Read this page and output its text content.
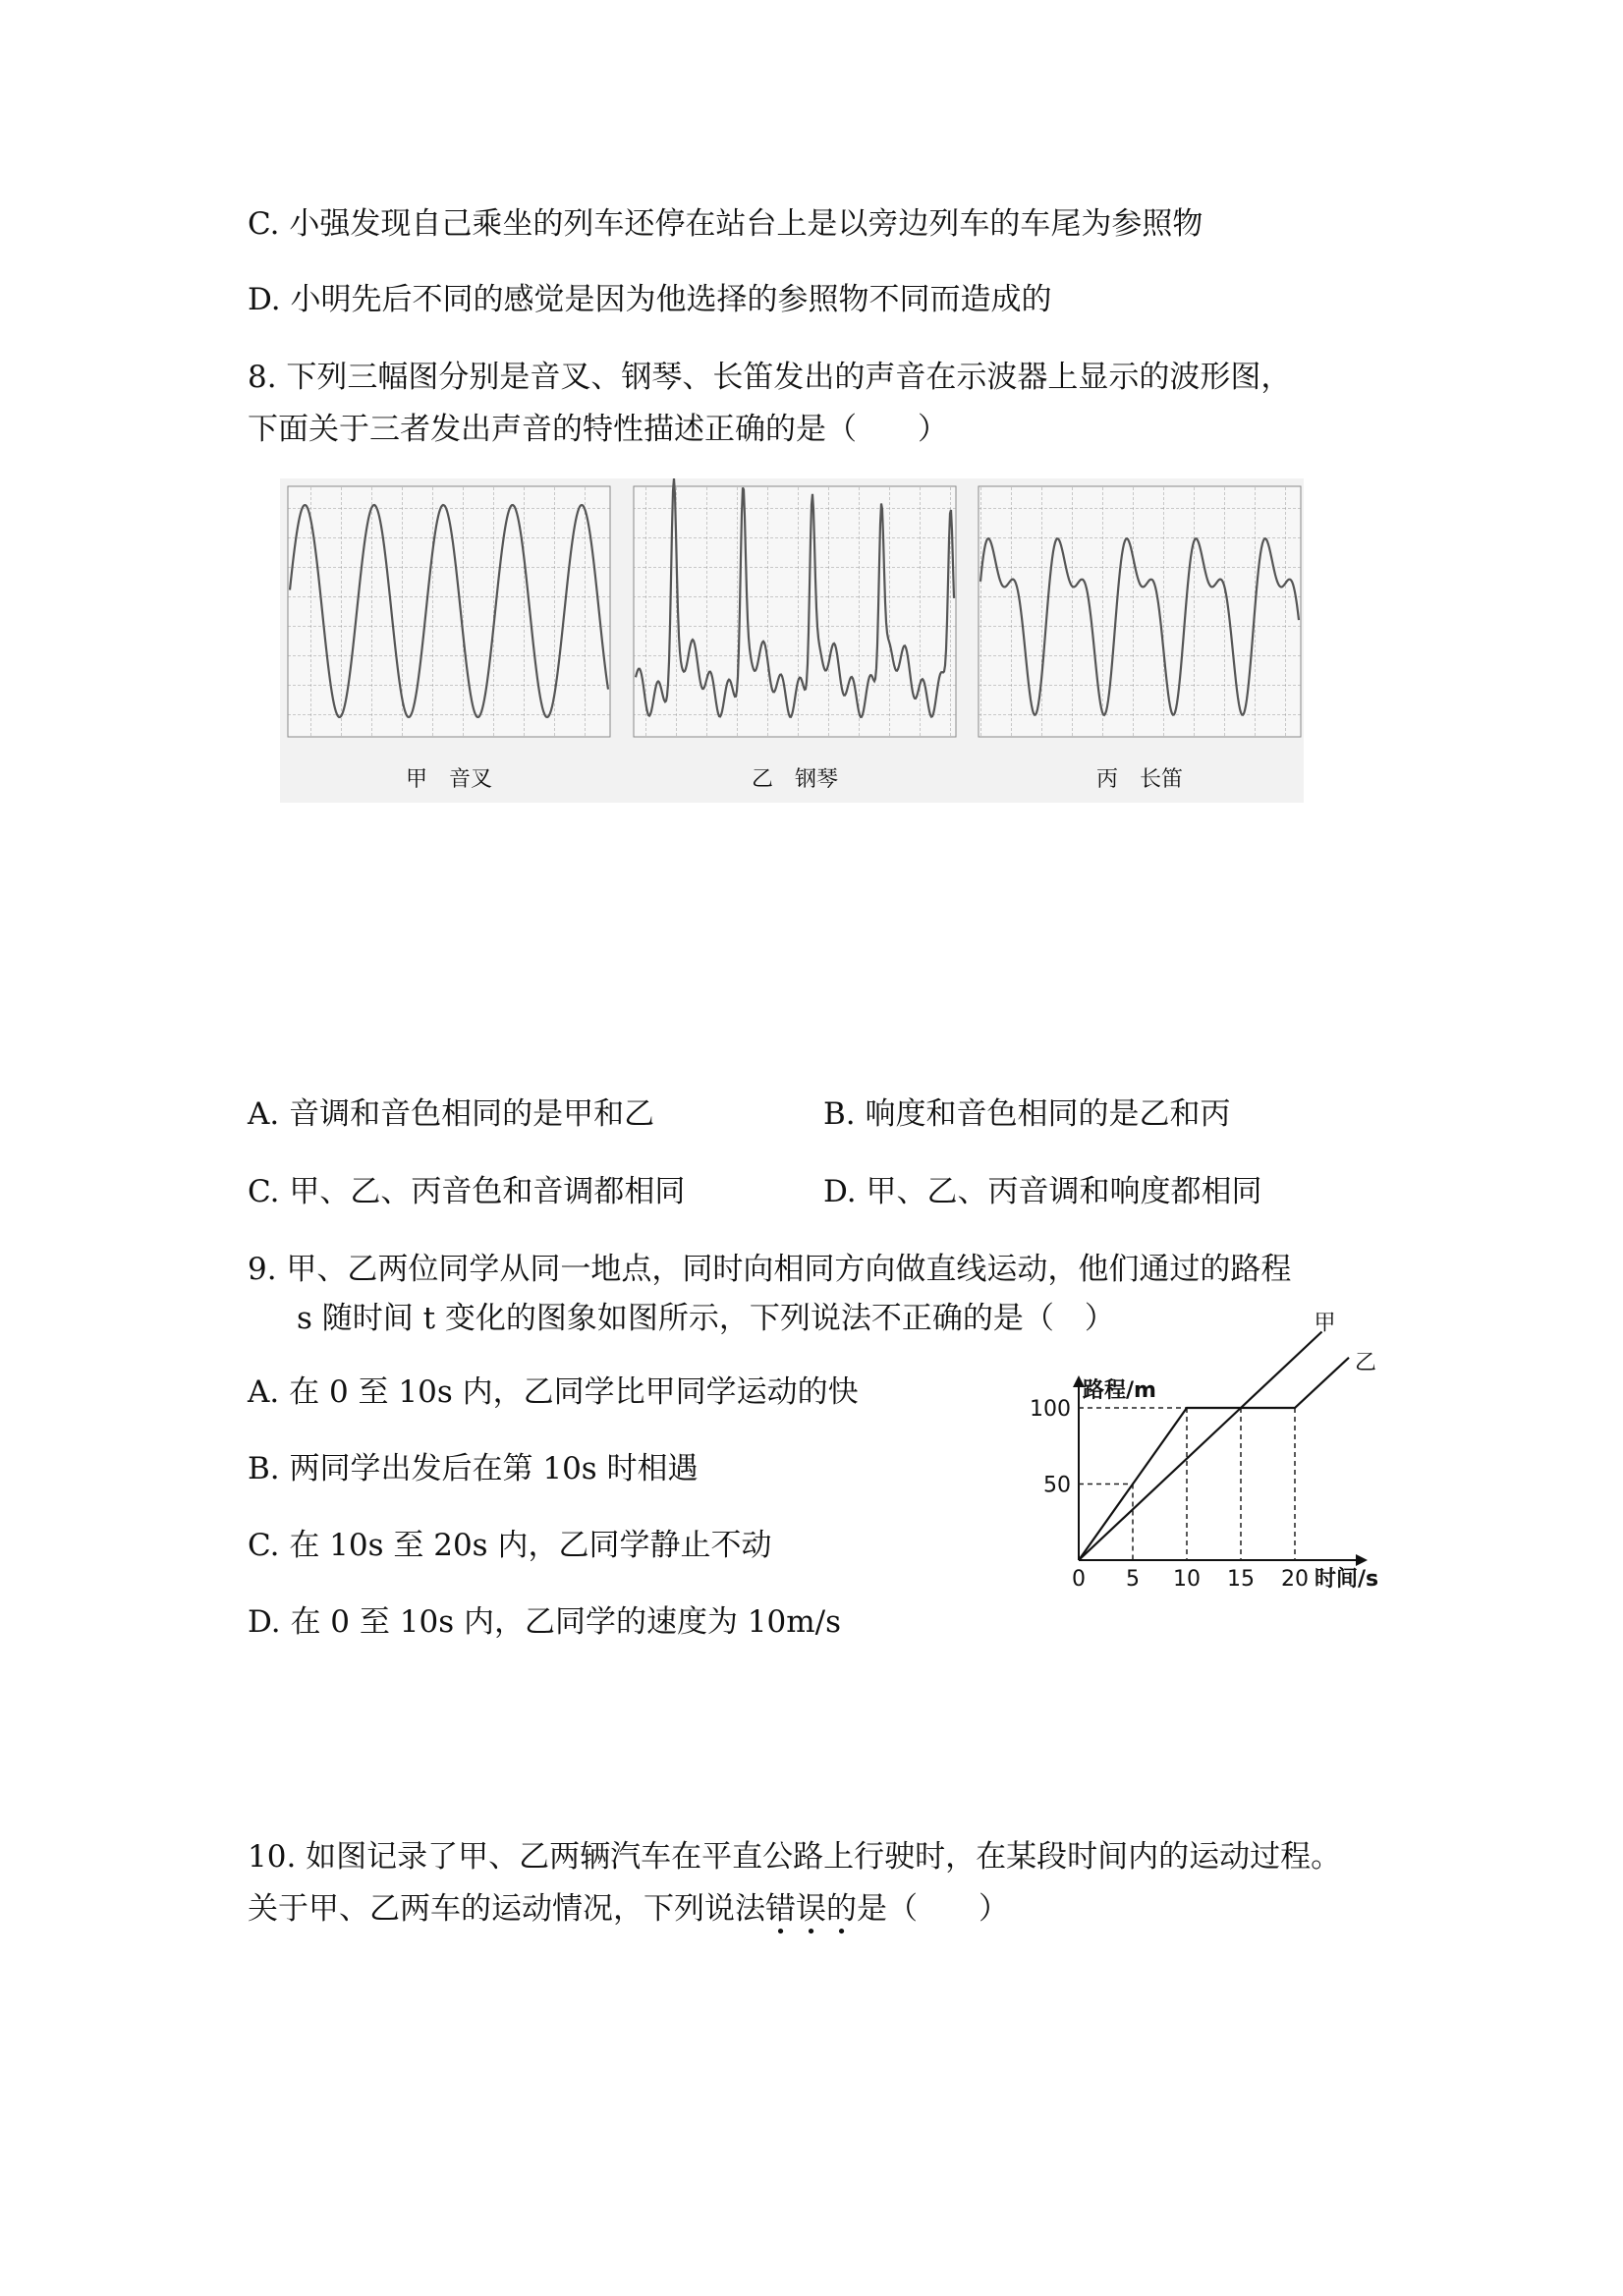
C. 小强发现自己乘坐的列车还停在站台上是以旁边列车的车尾为参照物
D. 小明先后不同的感觉是因为他选择的参照物不同而造成的
8. 下列三幅图分别是音叉、钢琴、长笛发出的声音在示波器上显示的波形图，
下面关于三者发出声音的特性描述正确的是（　　）
甲　音叉	乙　钢琴	丙　长笛
A. 音调和音色相同的是甲和乙	B. 响度和音色相同的是乙和丙
C. 甲、乙、丙音色和音调都相同	D. 甲、乙、丙音调和响度都相同
9. 甲、乙两位同学从同一地点，同时向相同方向做直线运动，他们通过的路程
s 随时间 t 变化的图象如图所示，下列说法不正确的是（　）
A. 在 0 至 10s 内，乙同学比甲同学运动的快
B. 两同学出发后在第 10s 时相遇
C. 在 10s 至 20s 内，乙同学静止不动
D. 在 0 至 10s 内，乙同学的速度为 10m/s
0 5 10 15 20
50
100
甲
乙
路程/m
时间/s
10. 如图记录了甲、乙两辆汽车在平直公路上行驶时，在某段时间内的运动过程。
关于甲、乙两车的运动情况，下列说法错误的是（　　）
